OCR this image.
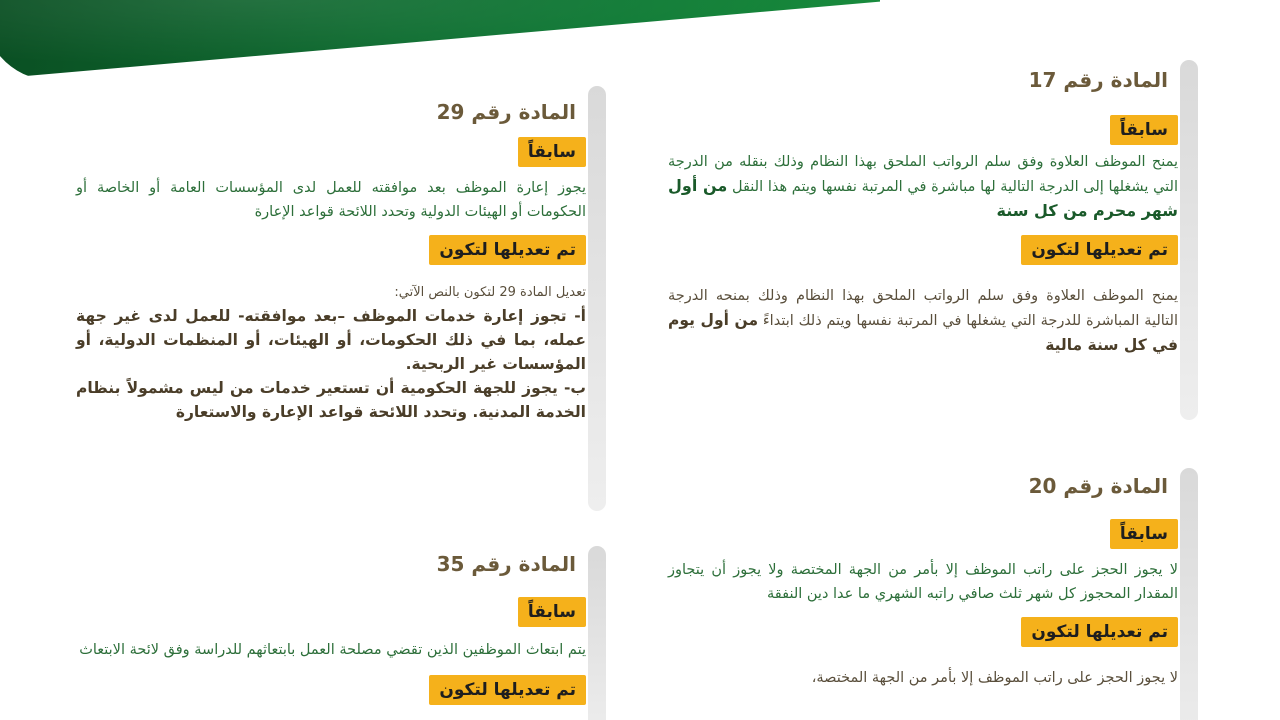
المادة رقم 17
سابقاً
يمنح الموظف العلاوة وفق سلم الرواتب الملحق بهذا النظام وذلك بنقله من الدرجة التي يشغلها إلى الدرجة التالية لها مباشرة في المرتبة نفسها ويتم هذا النقل من أول شهر محرم من كل سنة
تم تعديلها لتكون
يمنح الموظف العلاوة وفق سلم الرواتب الملحق بهذا النظام وذلك بمنحه الدرجة التالية المباشرة للدرجة التي يشغلها في المرتبة نفسها ويتم ذلك ابتداءً من أول يوم في كل سنة مالية
المادة رقم 20
سابقاً
لا يجوز الحجز على راتب الموظف إلا بأمر من الجهة المختصة ولا يجوز أن يتجاوز المقدار المحجوز كل شهر ثلث صافي راتبه الشهري ما عدا دين النفقة
تم تعديلها لتكون
لا يجوز الحجز على راتب الموظف إلا بأمر من الجهة المختصة،
المادة رقم 29
سابقاً
يجوز إعارة الموظف بعد موافقته للعمل لدى المؤسسات العامة أو الخاصة أو الحكومات أو الهيئات الدولية وتحدد اللائحة قواعد الإعارة
تم تعديلها لتكون
تعديل المادة 29 لتكون بالنص الآتي:
أ- تجوز إعارة خدمات الموظف –بعد موافقته- للعمل لدى غير جهة عمله، بما في ذلك الحكومات، أو الهيئات، أو المنظمات الدولية، أو المؤسسات غير الربحية.
ب- يجوز للجهة الحكومية أن تستعير خدمات من ليس مشمولاً بنظام الخدمة المدنية. وتحدد اللائحة قواعد الإعارة والاستعارة
المادة رقم 35
سابقاً
يتم ابتعاث الموظفين الذين تقضي مصلحة العمل بابتعاثهم للدراسة وفق لائحة الابتعاث
تم تعديلها لتكون
